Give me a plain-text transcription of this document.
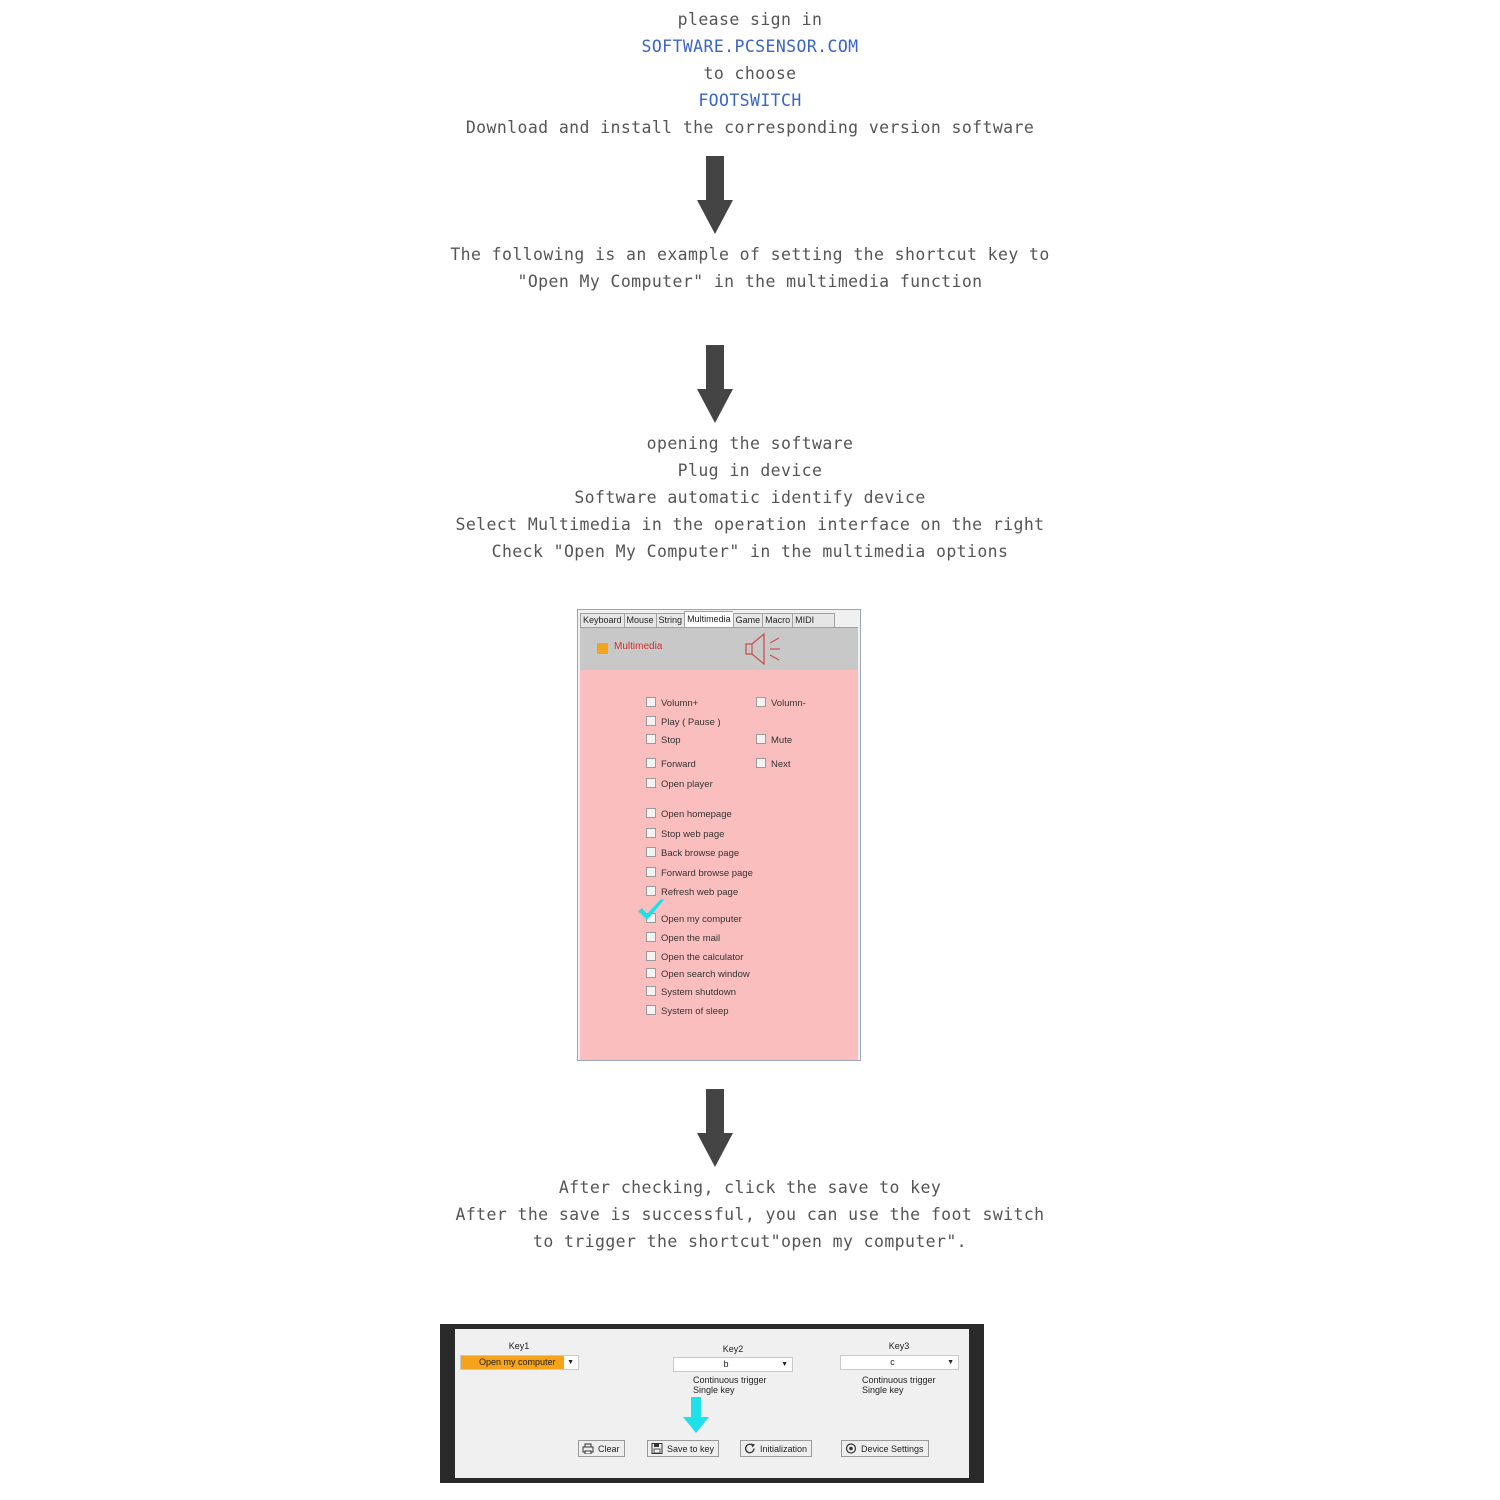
please sign in
SOFTWARE.PCSENSOR.COM
to choose
FOOTSWITCH
Download and install the corresponding version software
The following is an example of setting the shortcut key to
"Open My Computer" in the multimedia function
opening the software
Plug in device
Software automatic identify device
Select Multimedia in the operation interface on the right
Check "Open My Computer" in the multimedia options
Keyboard Mouse String Multimedia Game Macro MIDI
Multimedia
Volumn+	Volumn-
Play ( Pause )
Stop	Mute
Forward	Next
Open player
Open homepage
Stop web page
Back browse page
Forward browse page
Refresh web page
Open my computer
Open the mail
Open the calculator
Open search window
System shutdown
System of sleep
After checking, click the save to key
After the save is successful, you can use the foot switch
to trigger the shortcut"open my computer".
Key1
Open my computer	▼
Key2
b	▼
Continuous trigger
Single key
Key3
c	▼
Continuous trigger
Single key
Clear	Save to key	Initialization	Device Settings
